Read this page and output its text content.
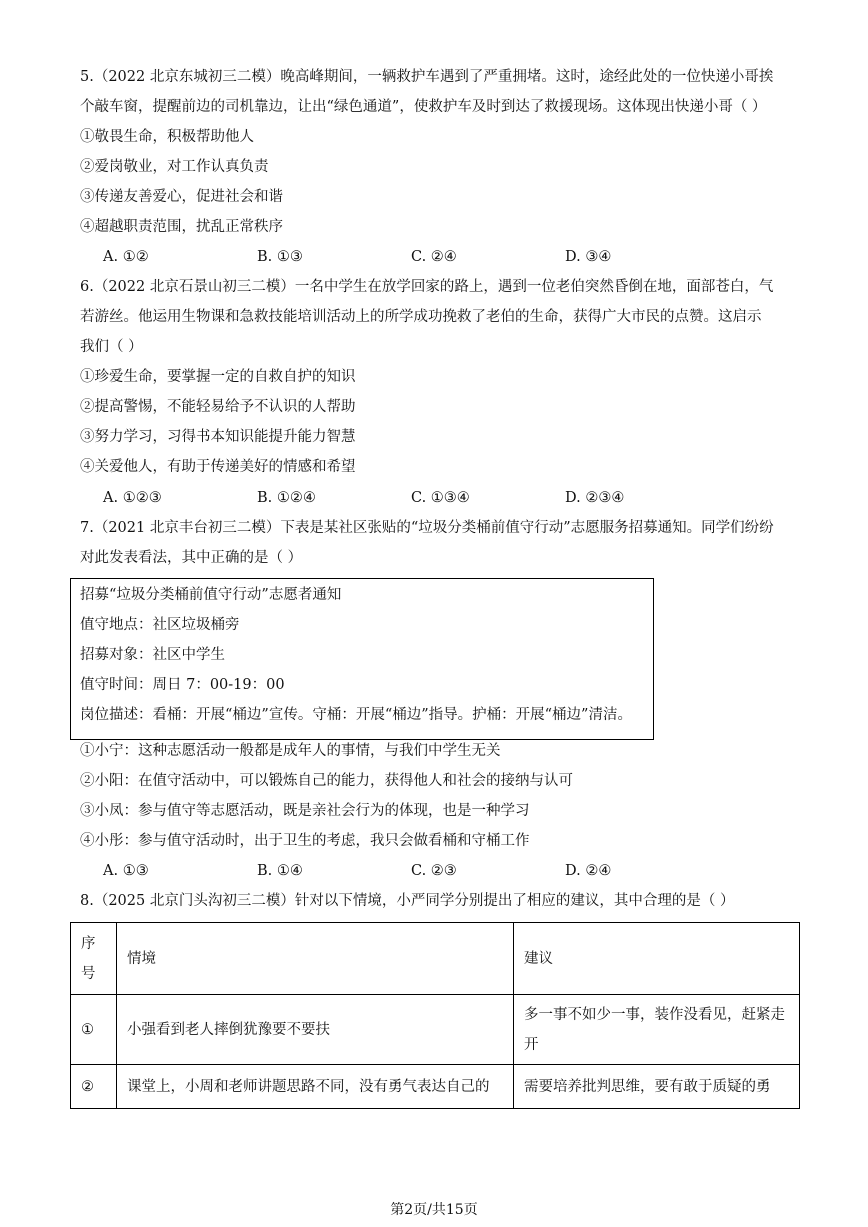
5.（2022 北京东城初三二模）晚高峰期间，一辆救护车遇到了严重拥堵。这时，途经此处的一位快递小哥挨
个敲车窗，提醒前边的司机靠边，让出“绿色通道”，使救护车及时到达了救援现场。这体现出快递小哥（ ）
①敬畏生命，积极帮助他人
②爱岗敬业，对工作认真负责
③传递友善爱心，促进社会和谐
④超越职责范围，扰乱正常秩序
A. ①②	B. ①③	C. ②④	D. ③④
6.（2022 北京石景山初三二模）一名中学生在放学回家的路上，遇到一位老伯突然昏倒在地，面部苍白，气
若游丝。他运用生物课和急救技能培训活动上的所学成功挽救了老伯的生命，获得广大市民的点赞。这启示
我们（ ）
①珍爱生命，要掌握一定的自救自护的知识
②提高警惕，不能轻易给予不认识的人帮助
③努力学习，习得书本知识能提升能力智慧
④关爱他人，有助于传递美好的情感和希望
A. ①②③	B. ①②④	C. ①③④	D. ②③④
7.（2021 北京丰台初三二模）下表是某社区张贴的“垃圾分类桶前值守行动”志愿服务招募通知。同学们纷纷
对此发表看法，其中正确的是（ ）
招募“垃圾分类桶前值守行动”志愿者通知
值守地点：社区垃圾桶旁
招募对象：社区中学生
值守时间：周日 7：00-19：00
岗位描述：看桶：开展“桶边”宣传。守桶：开展“桶边”指导。护桶：开展“桶边”清洁。
①小宁：这种志愿活动一般都是成年人的事情，与我们中学生无关
②小阳：在值守活动中，可以锻炼自己的能力，获得他人和社会的接纳与认可
③小凤：参与值守等志愿活动，既是亲社会行为的体现，也是一种学习
④小彤：参与值守活动时，出于卫生的考虑，我只会做看桶和守桶工作
A. ①③	B. ①④	C. ②③	D. ②④
8.（2025 北京门头沟初三二模）针对以下情境，小严同学分别提出了相应的建议，其中合理的是（ ）
序
号	情境	建议
①	小强看到老人摔倒犹豫要不要扶	多一事不如少一事，装作没看见，赶紧走
开
②	课堂上，小周和老师讲题思路不同，没有勇气表达自己的	需要培养批判思维，要有敢于质疑的勇
第2页/共15页
